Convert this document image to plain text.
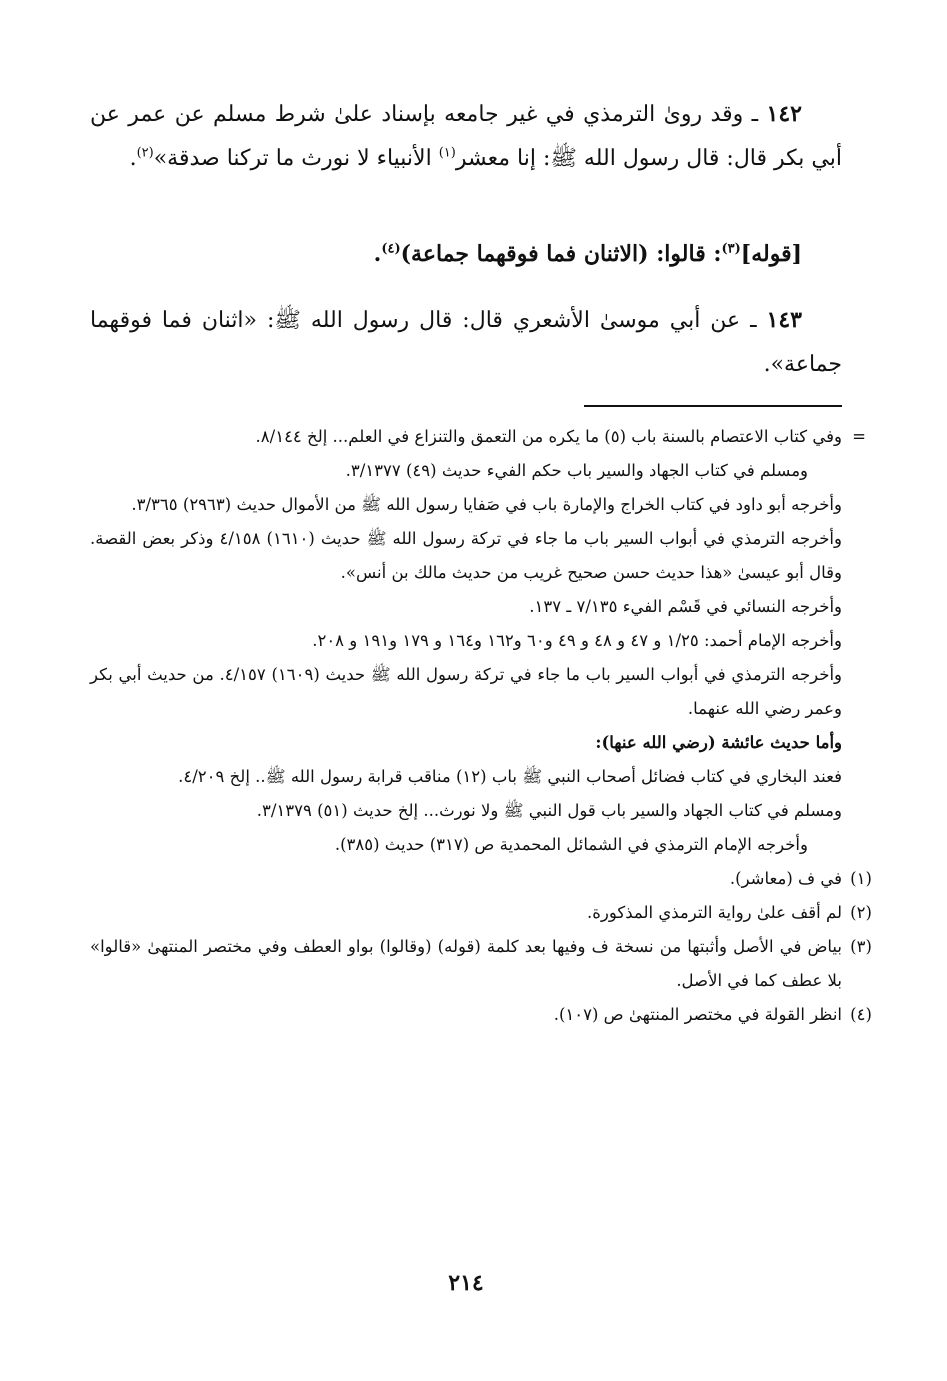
١٤٢ ـ وقد روىٰ الترمذي في غير جامعه بإسناد علىٰ شرط مسلم عن عمر عن أبي بكر قال: قال رسول الله ﷺ: إنا معشر$^{(١)}$ الأنبياء لا نورث ما تركنا صدقة»$^{(٢)}$.

[قوله]$^{(٣)}$: قالوا: (الاثنان فما فوقهما جماعة)$^{(٤)}$.

١٤٣ ـ عن أبي موسىٰ الأشعري قال: قال رسول الله ﷺ: «اثنان فما فوقهما جماعة».

=
وفي كتاب الاعتصام بالسنة باب (٥) ما يكره من التعمق والتنزاع في العلم... إلخ ٨/١٤٤.
ومسلم في كتاب الجهاد والسير باب حكم الفيء حديث (٤٩) ٣/١٣٧٧.
وأخرجه أبو داود في كتاب الخراج والإمارة باب في صَفايا رسول الله ﷺ من الأموال حديث (٢٩٦٣) ٣/٣٦٥.
وأخرجه الترمذي في أبواب السير باب ما جاء في تركة رسول الله ﷺ حديث (١٦١٠) ٤/١٥٨ وذكر بعض القصة. وقال أبو عيسىٰ «هذا حديث حسن صحيح غريب من حديث مالك بن أنس».
وأخرجه النسائي في قَسْم الفيء ٧/١٣٥ ـ ١٣٧.
وأخرجه الإمام أحمد: ١/٢٥ و ٤٧ و ٤٨ و ٤٩ و٦٠ و١٦٢ و١٦٤ و ١٧٩ و١٩١ و ٢٠٨.
وأخرجه الترمذي في أبواب السير باب ما جاء في تركة رسول الله ﷺ حديث (١٦٠٩) ٤/١٥٧. من حديث أبي بكر وعمر رضي الله عنهما.
وأما حديث عائشة (رضي الله عنها):
فعند البخاري في كتاب فضائل أصحاب النبي ﷺ باب (١٢) مناقب قرابة رسول الله ﷺ.. إلخ ٤/٢٠٩.
ومسلم في كتاب الجهاد والسير باب قول النبي ﷺ ولا نورث... إلخ حديث (٥١) ٣/١٣٧٩.
وأخرجه الإمام الترمذي في الشمائل المحمدية ص (٣١٧) حديث (٣٨٥).
(١)
في ف (معاشر).
(٢)
لم أقف علىٰ رواية الترمذي المذكورة.
(٣)
بياض في الأصل وأثبتها من نسخة ف وفيها بعد كلمة (قوله) (وقالوا) بواو العطف وفي مختصر المنتهىٰ «قالوا» بلا عطف كما في الأصل.
(٤)
انظر القولة في مختصر المنتهىٰ ص (١٠٧).
٢١٤
